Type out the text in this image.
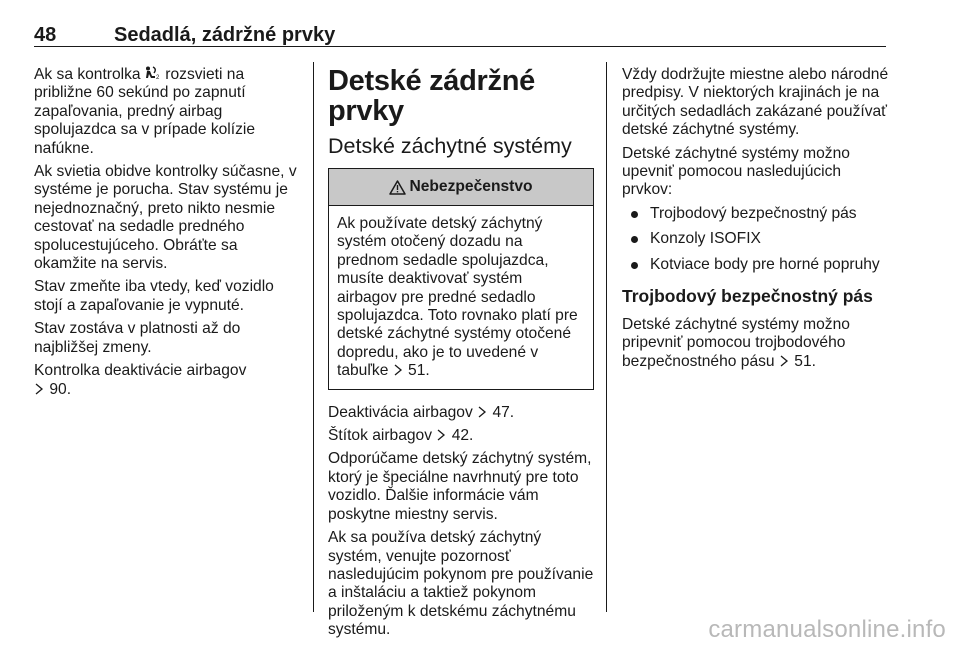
48	Sedadlá, zádržné prvky

Ak sa kontrolka 2 rozsvieti na približne 60 sekúnd po zapnutí zapaľovania, predný airbag spolujazdca sa v prípade kolízie nafúkne.

Ak svietia obidve kontrolky súčasne, v systéme je porucha. Stav systému je nejednoznačný, preto nikto nesmie cestovať na sedadle predného spolucestujúceho. Obráťte sa okamžite na servis.

Stav zmeňte iba vtedy, keď vozidlo stojí a zapaľovanie je vypnuté.

Stav zostáva v platnosti až do najbližšej zmeny.

Kontrolka deaktivácie airbagov
90.

Detské zádržné prvky
Detské záchytné systémy
Nebezpečenstvo
Ak používate detský záchytný systém otočený dozadu na prednom sedadle spolujazdca, musíte deaktivovať systém airbagov pre predné sedadlo spolujazdca. Toto rovnako platí pre detské záchytné systémy otočené dopredu, ako je to uvedené v tabuľke  51.

Deaktivácia airbagov  47.

Štítok airbagov  42.

Odporúčame detský záchytný systém, ktorý je špeciálne navrhnutý pre toto vozidlo. Ďalšie informácie vám poskytne miestny servis.

Ak sa používa detský záchytný systém, venujte pozornosť nasledujúcim pokynom pre používanie a inštaláciu a taktiež pokynom priloženým k detskému záchytnému systému.

Vždy dodržujte miestne alebo národné predpisy. V niektorých krajinách je na určitých sedadlách zakázané používať detské záchytné systémy.

Detské záchytné systémy možno upevniť pomocou nasledujúcich prvkov:

Trojbodový bezpečnostný pás
Konzoly ISOFIX
Kotviace body pre horné popruhy
Trojbodový bezpečnostný pás

Detské záchytné systémy možno pripevniť pomocou trojbodového bezpečnostného pásu  51.

carmanualsonline.info
